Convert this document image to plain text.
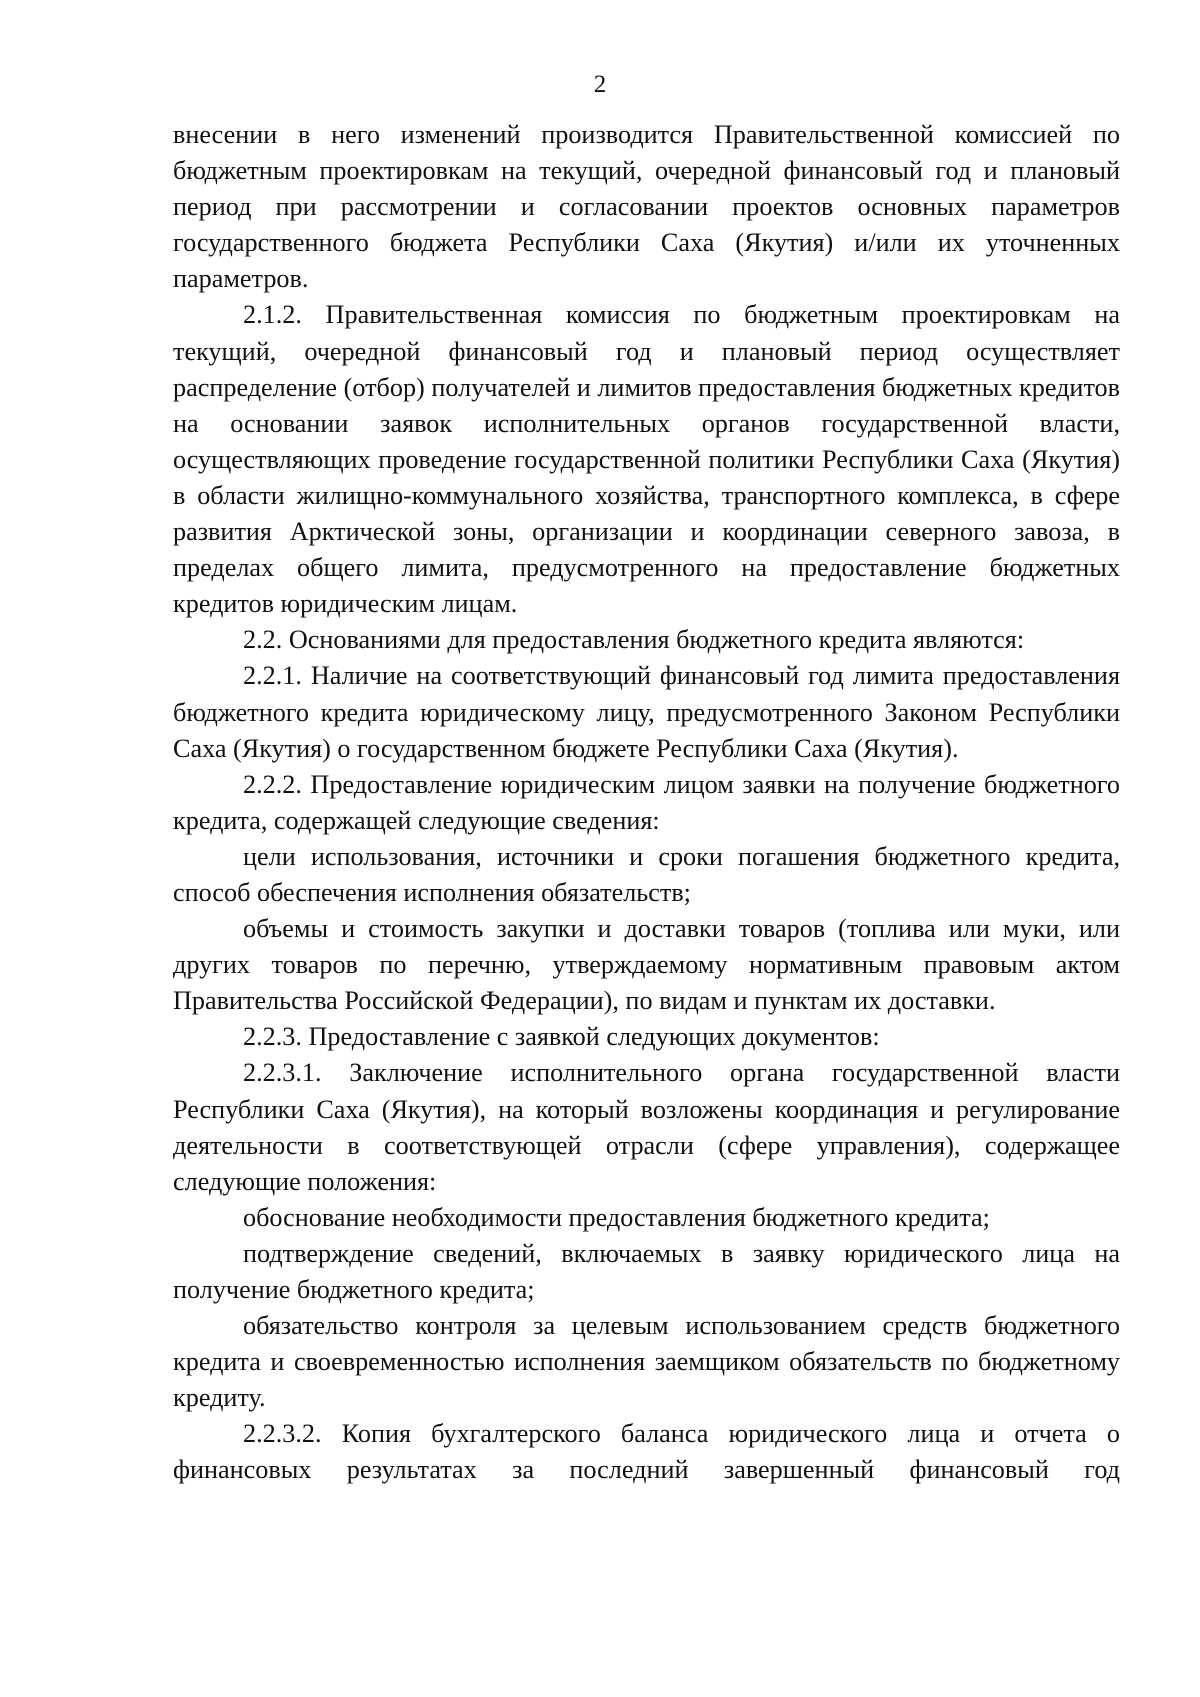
2

внесении в него изменений производится Правительственной комиссией по бюджетным проектировкам на текущий, очередной финансовый год и плановый период при рассмотрении и согласовании проектов основных параметров государственного бюджета Республики Саха (Якутия) и/или их уточненных параметров.

2.1.2. Правительственная комиссия по бюджетным проектировкам на текущий, очередной финансовый год и плановый период осуществляет распределение (отбор) получателей и лимитов предоставления бюджетных кредитов на основании заявок исполнительных органов государственной власти, осуществляющих проведение государственной политики Республики Саха (Якутия) в области жилищно-коммунального хозяйства, транспортного комплекса, в сфере развития Арктической зоны, организации и координации северного завоза, в пределах общего лимита, предусмотренного на предоставление бюджетных кредитов юридическим лицам.

2.2. Основаниями для предоставления бюджетного кредита являются:

2.2.1. Наличие на соответствующий финансовый год лимита предоставления бюджетного кредита юридическому лицу, предусмотренного Законом Республики Саха (Якутия) о государственном бюджете Республики Саха (Якутия).

2.2.2. Предоставление юридическим лицом заявки на получение бюджетного кредита, содержащей следующие сведения:

цели использования, источники и сроки погашения бюджетного кредита, способ обеспечения исполнения обязательств;

объемы и стоимость закупки и доставки товаров (топлива или муки, или других товаров по перечню, утверждаемому нормативным правовым актом Правительства Российской Федерации), по видам и пунктам их доставки.

2.2.3. Предоставление с заявкой следующих документов:

2.2.3.1. Заключение исполнительного органа государственной власти Республики Саха (Якутия), на который возложены координация и регулирование деятельности в соответствующей отрасли (сфере управления), содержащее следующие положения:

обоснование необходимости предоставления бюджетного кредита;

подтверждение сведений, включаемых в заявку юридического лица на получение бюджетного кредита;

обязательство контроля за целевым использованием средств бюджетного кредита и своевременностью исполнения заемщиком обязательств по бюджетному кредиту.

2.2.3.2. Копия бухгалтерского баланса юридического лица и отчета о финансовых результатах за последний завершенный финансовый год
